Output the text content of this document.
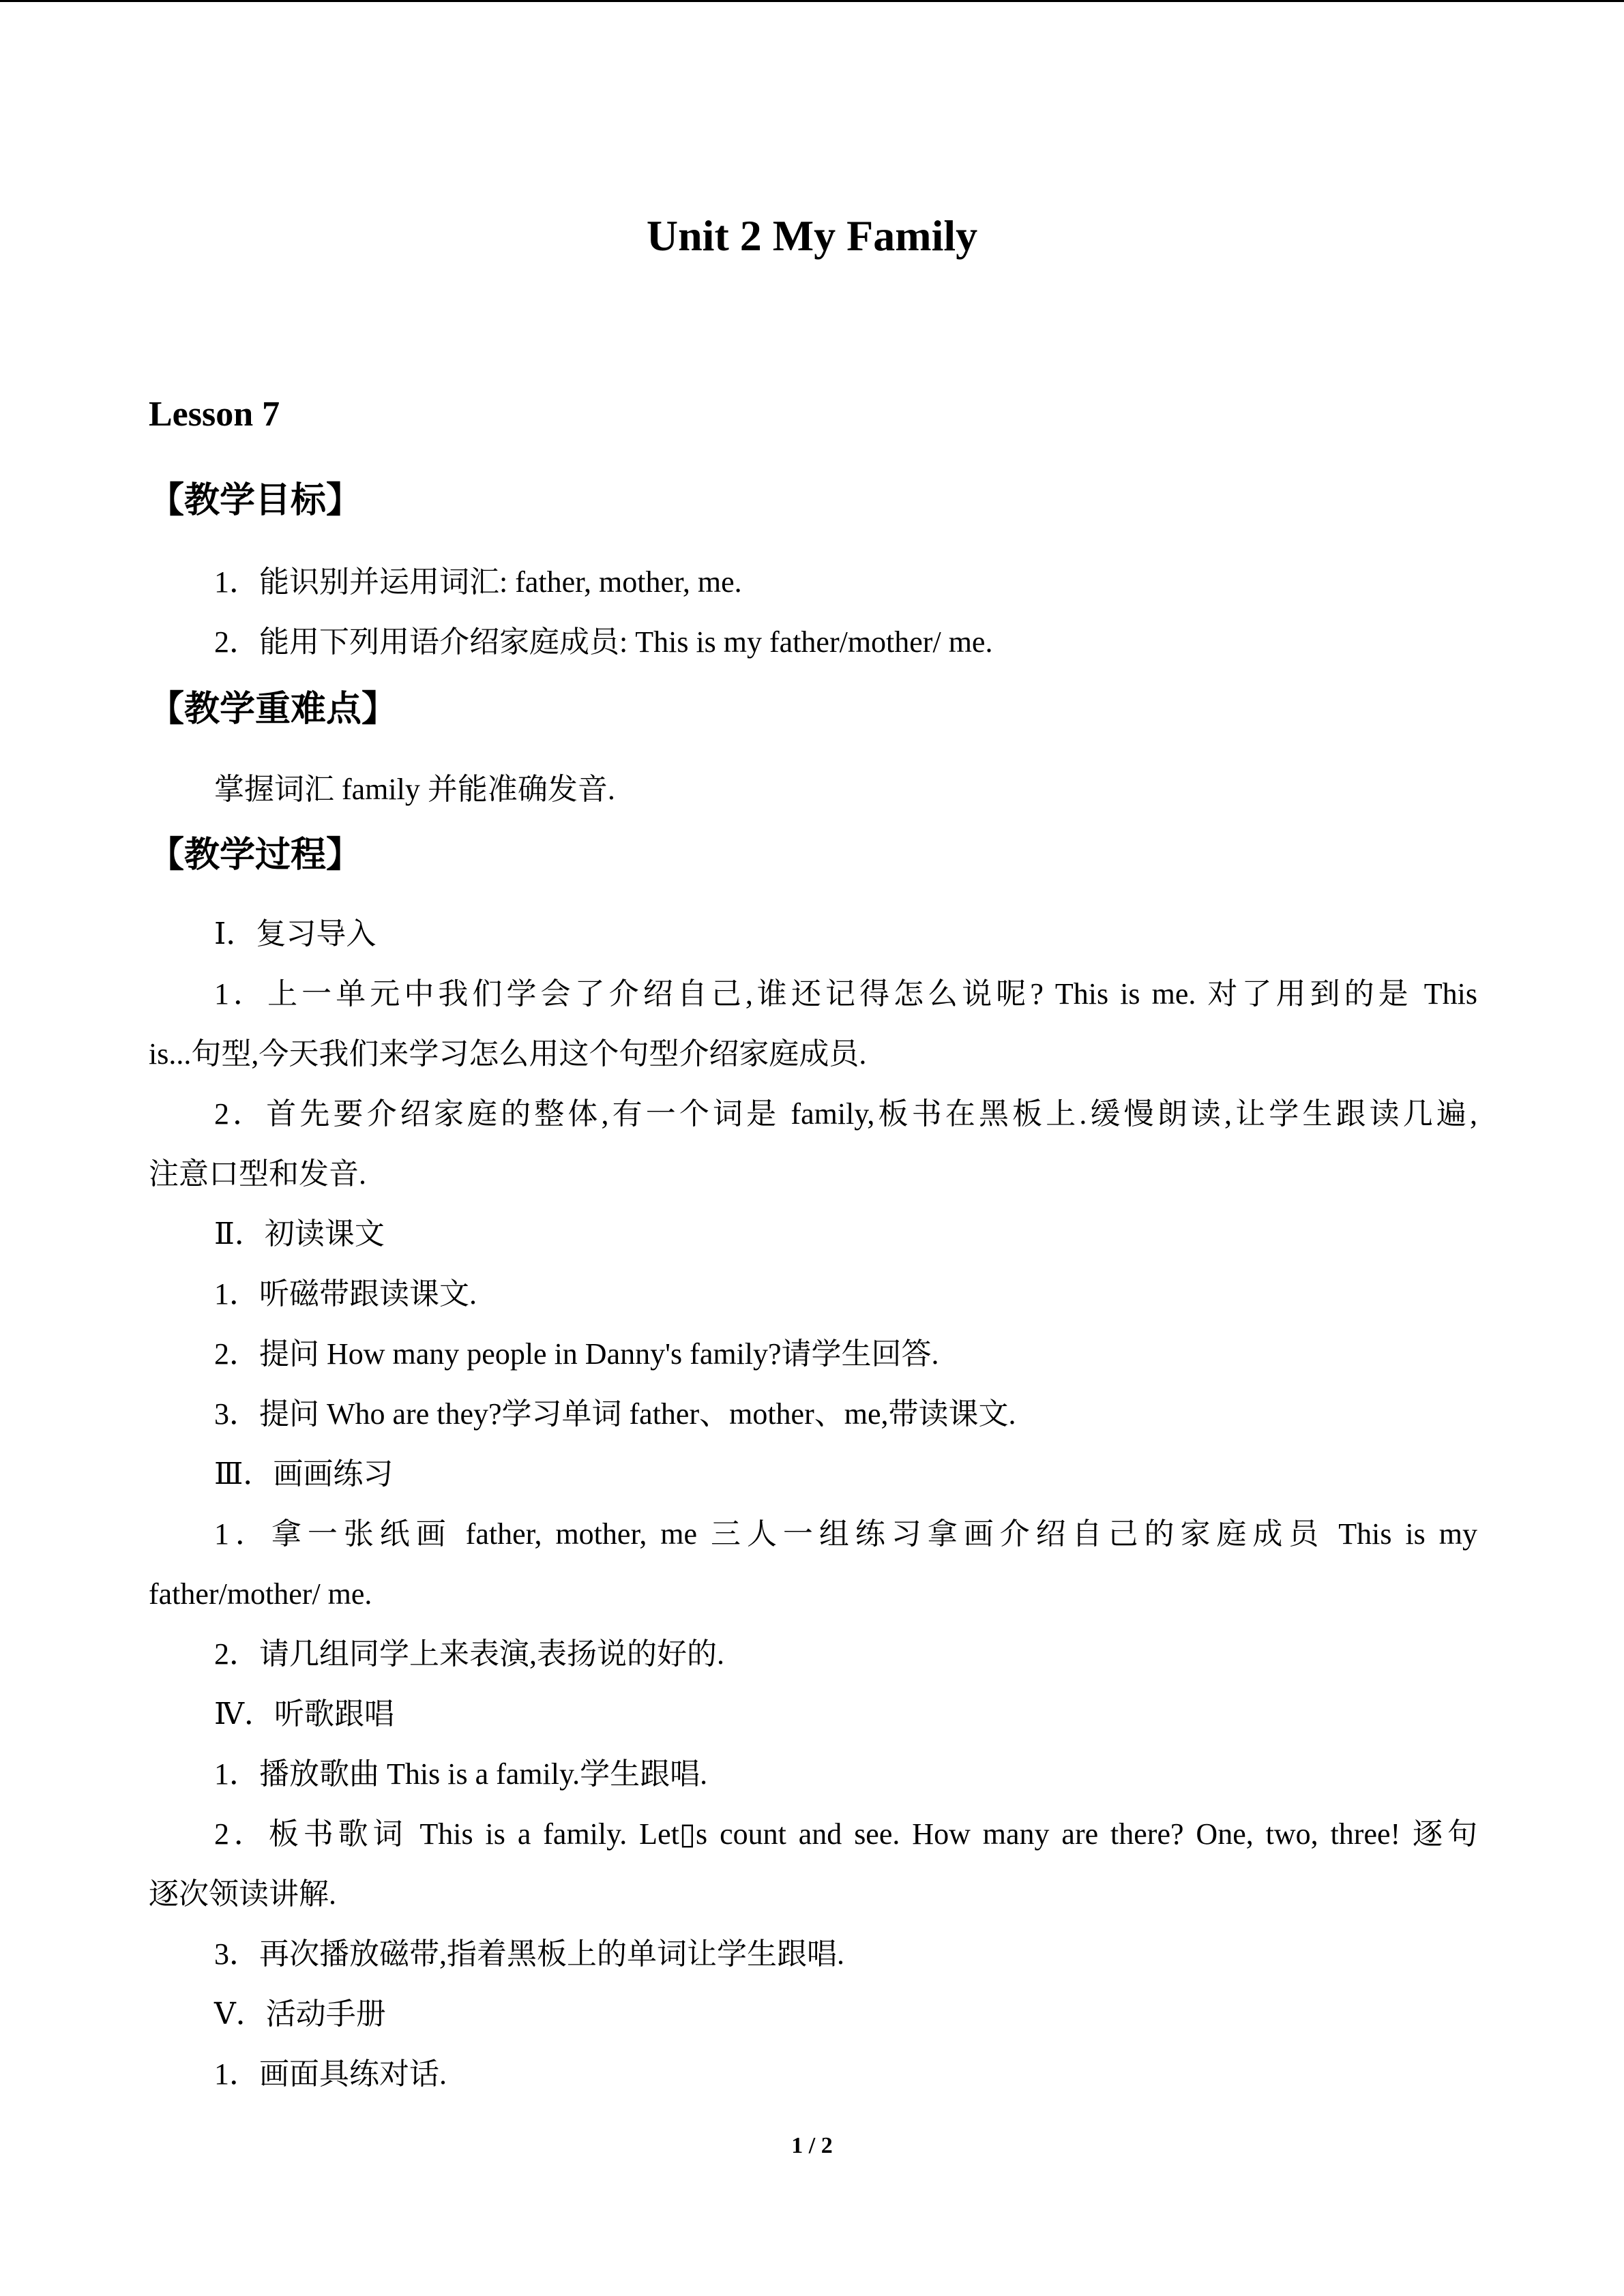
Unit 2 My Family
Lesson 7
【教学目标】
1．能识别并运用词汇: father, mother, me.
2．能用下列用语介绍家庭成员: This is my father/mother/ me.
【教学重难点】
掌握词汇 family 并能准确发音.
【教学过程】
Ⅰ．复习导入
1．上一单元中我们学会了介绍自己,谁还记得怎么说呢? This is me. 对了用到的是 This
is...句型,今天我们来学习怎么用这个句型介绍家庭成员.
2．首先要介绍家庭的整体,有一个词是 family,板书在黑板上.缓慢朗读,让学生跟读几遍,
注意口型和发音.
Ⅱ．初读课文
1．听磁带跟读课文.
2．提问 How many people in Danny's family?请学生回答.
3．提问 Who are they?学习单词 father、mother、me,带读课文.
Ⅲ．画画练习
1．拿一张纸画 father, mother, me 三人一组练习拿画介绍自己的家庭成员 This is my
father/mother/ me.
2．请几组同学上来表演,表扬说的好的.
Ⅳ．听歌跟唱
1．播放歌曲 This is a family.学生跟唱.
2．板书歌词 This is a family. Let▯s count and see. How many are there? One, two, three! 逐句
逐次领读讲解.
3．再次播放磁带,指着黑板上的单词让学生跟唱.
Ⅴ．活动手册
1．画面具练对话.
1 / 2
